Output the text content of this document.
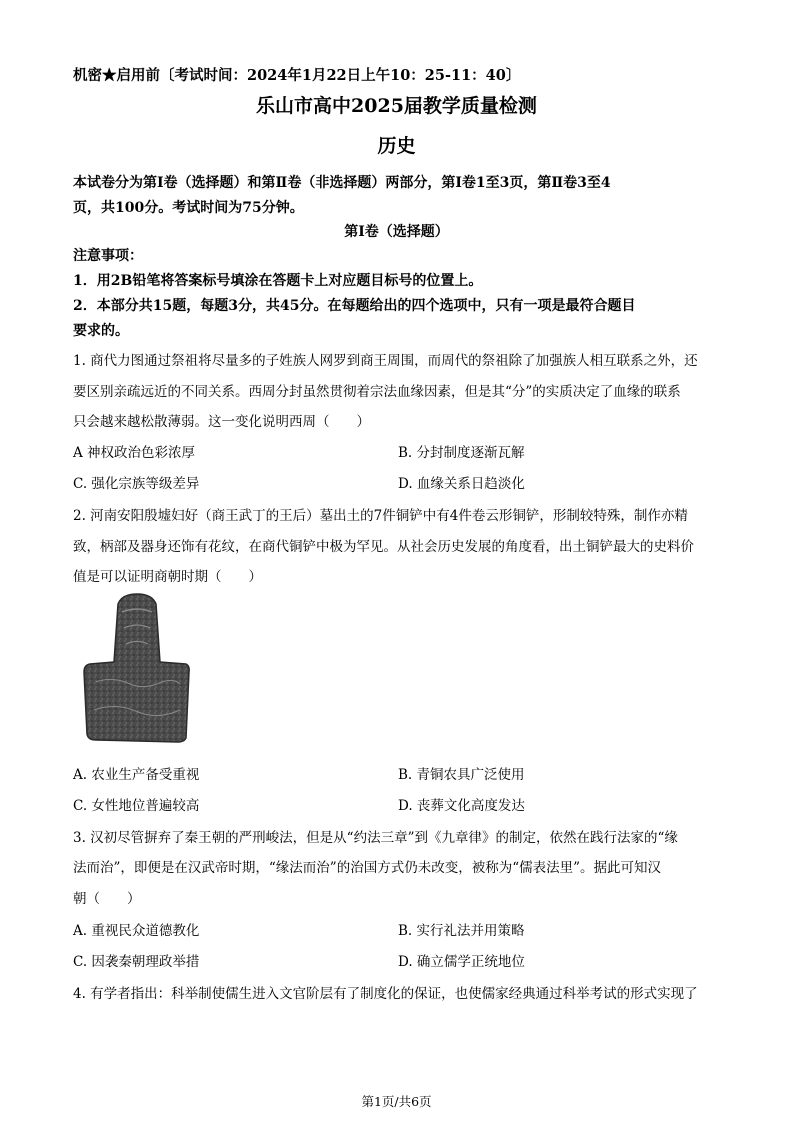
机密★启用前〔考试时间：2024年1月22日上午10：25-11：40〕
乐山市高中2025届教学质量检测
历史
本试卷分为第Ⅰ卷（选择题）和第Ⅱ卷（非选择题）两部分，第Ⅰ卷1至3页，第Ⅱ卷3至4
页，共100分。考试时间为75分钟。
第I卷（选择题）
注意事项：
1．用2B铅笔将答案标号填涂在答题卡上对应题目标号的位置上。
2．本部分共15题，每题3分，共45分。在每题给出的四个选项中，只有一项是最符合题目
要求的。
1. 商代力图通过祭祖将尽量多的子姓族人网罗到商王周围，而周代的祭祖除了加强族人相互联系之外，还
要区别亲疏远近的不同关系。西周分封虽然贯彻着宗法血缘因素，但是其“分”的实质决定了血缘的联系
只会越来越松散薄弱。这一变化说明西周（　　）
A 神权政治色彩浓厚	B. 分封制度逐渐瓦解
C. 强化宗族等级差异	D. 血缘关系日趋淡化
2. 河南安阳殷墟妇好（商王武丁的王后）墓出土的7件铜铲中有4件卷云形铜铲，形制较特殊，制作亦精
致，柄部及器身还饰有花纹，在商代铜铲中极为罕见。从社会历史发展的角度看，出土铜铲最大的史料价
值是可以证明商朝时期（　　）
A. 农业生产备受重视	B. 青铜农具广泛使用
C. 女性地位普遍较高	D. 丧葬文化高度发达
3. 汉初尽管摒弃了秦王朝的严刑峻法，但是从“约法三章”到《九章律》的制定，依然在践行法家的“缘
法而治”，即便是在汉武帝时期，“缘法而治”的治国方式仍未改变，被称为“儒表法里”。据此可知汉
朝（　　）
A. 重视民众道德教化	B. 实行礼法并用策略
C. 因袭秦朝理政举措	D. 确立儒学正统地位
4. 有学者指出：科举制使儒生进入文官阶层有了制度化的保证，也使儒家经典通过科举考试的形式实现了
第1页/共6页
